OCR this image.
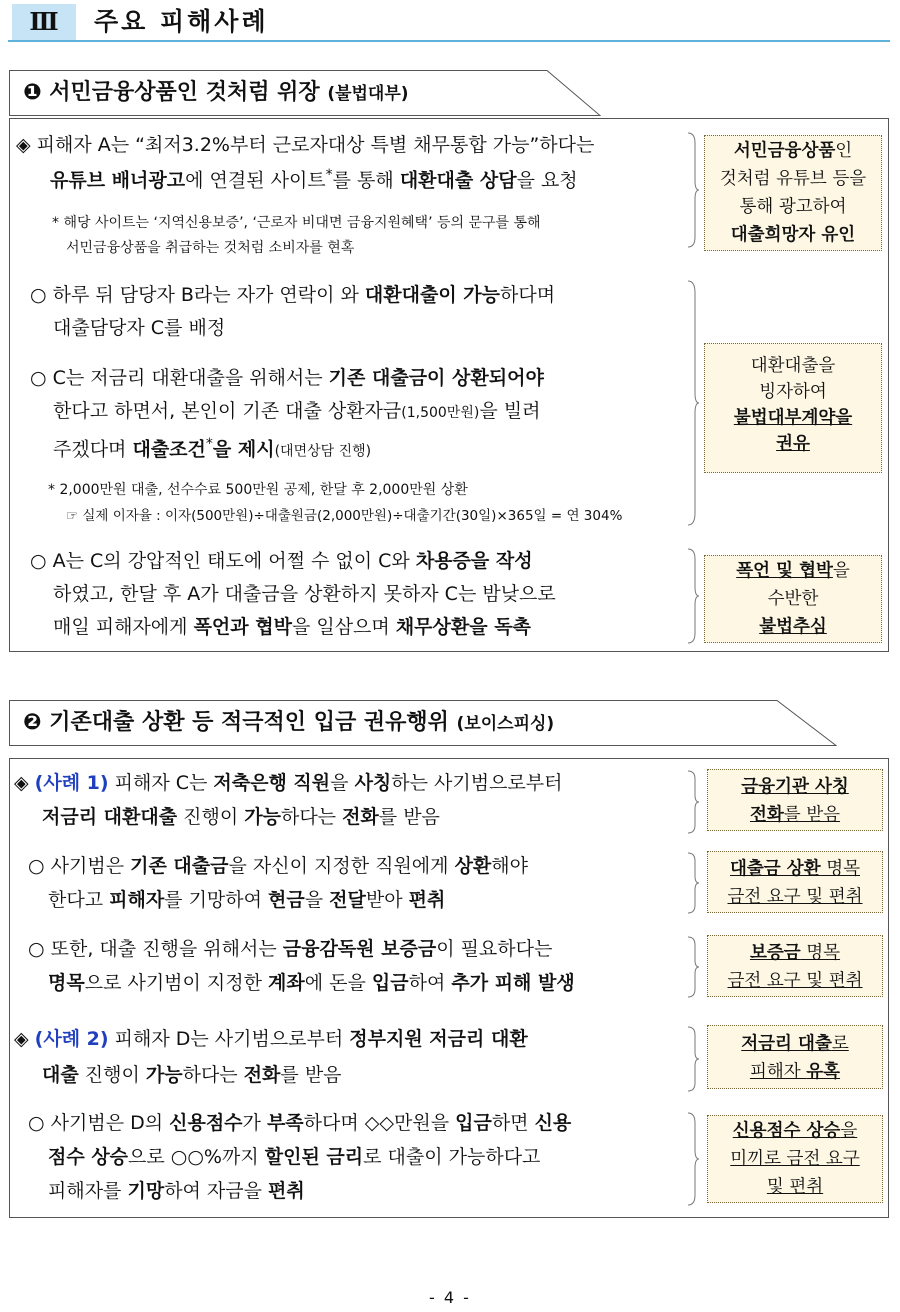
Ⅲ	주요 피해사례
❶ 서민금융상품인 것처럼 위장 (불법대부)
◈ 피해자 A는 “최저3.2%부터 근로자대상 특별 채무통합 가능”하다는
유튜브 배너광고에 연결된 사이트*를 통해 대환대출 상담을 요청
* 해당 사이트는 ‘지역신용보증’, ‘근로자 비대면 금융지원혜택’ 등의 문구를 통해
서민금융상품을 취급하는 것처럼 소비자를 현혹
○ 하루 뒤 담당자 B라는 자가 연락이 와 대환대출이 가능하다며
대출담당자 C를 배정
○ C는 저금리 대환대출을 위해서는 기존 대출금이 상환되어야
한다고 하면서, 본인이 기존 대출 상환자금(1,500만원)을 빌려
주겠다며 대출조건*을 제시(대면상담 진행)
* 2,000만원 대출, 선수수료 500만원 공제, 한달 후 2,000만원 상환
☞ 실제 이자율 : 이자(500만원)÷대출원금(2,000만원)÷대출기간(30일)×365일 = 연 304%
○ A는 C의 강압적인 태도에 어쩔 수 없이 C와 차용증을 작성
하였고, 한달 후 A가 대출금을 상환하지 못하자 C는 밤낮으로
매일 피해자에게 폭언과 협박을 일삼으며 채무상환을 독촉
서민금융상품인
것처럼 유튜브 등을
통해 광고하여
대출희망자 유인
대환대출을
빙자하여
불법대부계약을
권유
폭언 및 협박을
수반한
불법추심
❷ 기존대출 상환 등 적극적인 입금 권유행위 (보이스피싱)
◈ (사례 1) 피해자 C는 저축은행 직원을 사칭하는 사기범으로부터
저금리 대환대출 진행이 가능하다는 전화를 받음
○ 사기범은 기존 대출금을 자신이 지정한 직원에게 상환해야
한다고 피해자를 기망하여 현금을 전달받아 편취
○ 또한, 대출 진행을 위해서는 금융감독원 보증금이 필요하다는
명목으로 사기범이 지정한 계좌에 돈을 입금하여 추가 피해 발생
◈ (사례 2) 피해자 D는 사기범으로부터 정부지원 저금리 대환
대출 진행이 가능하다는 전화를 받음
○ 사기범은 D의 신용점수가 부족하다며 ◇◇만원을 입금하면 신용
점수 상승으로 ○○%까지 할인된 금리로 대출이 가능하다고
피해자를 기망하여 자금을 편취
금융기관 사칭
전화를 받음
대출금 상환 명목
금전 요구 및 편취
보증금 명목
금전 요구 및 편취
저금리 대출로
피해자 유혹
신용점수 상승을
미끼로 금전 요구
및 편취
- 4 -
